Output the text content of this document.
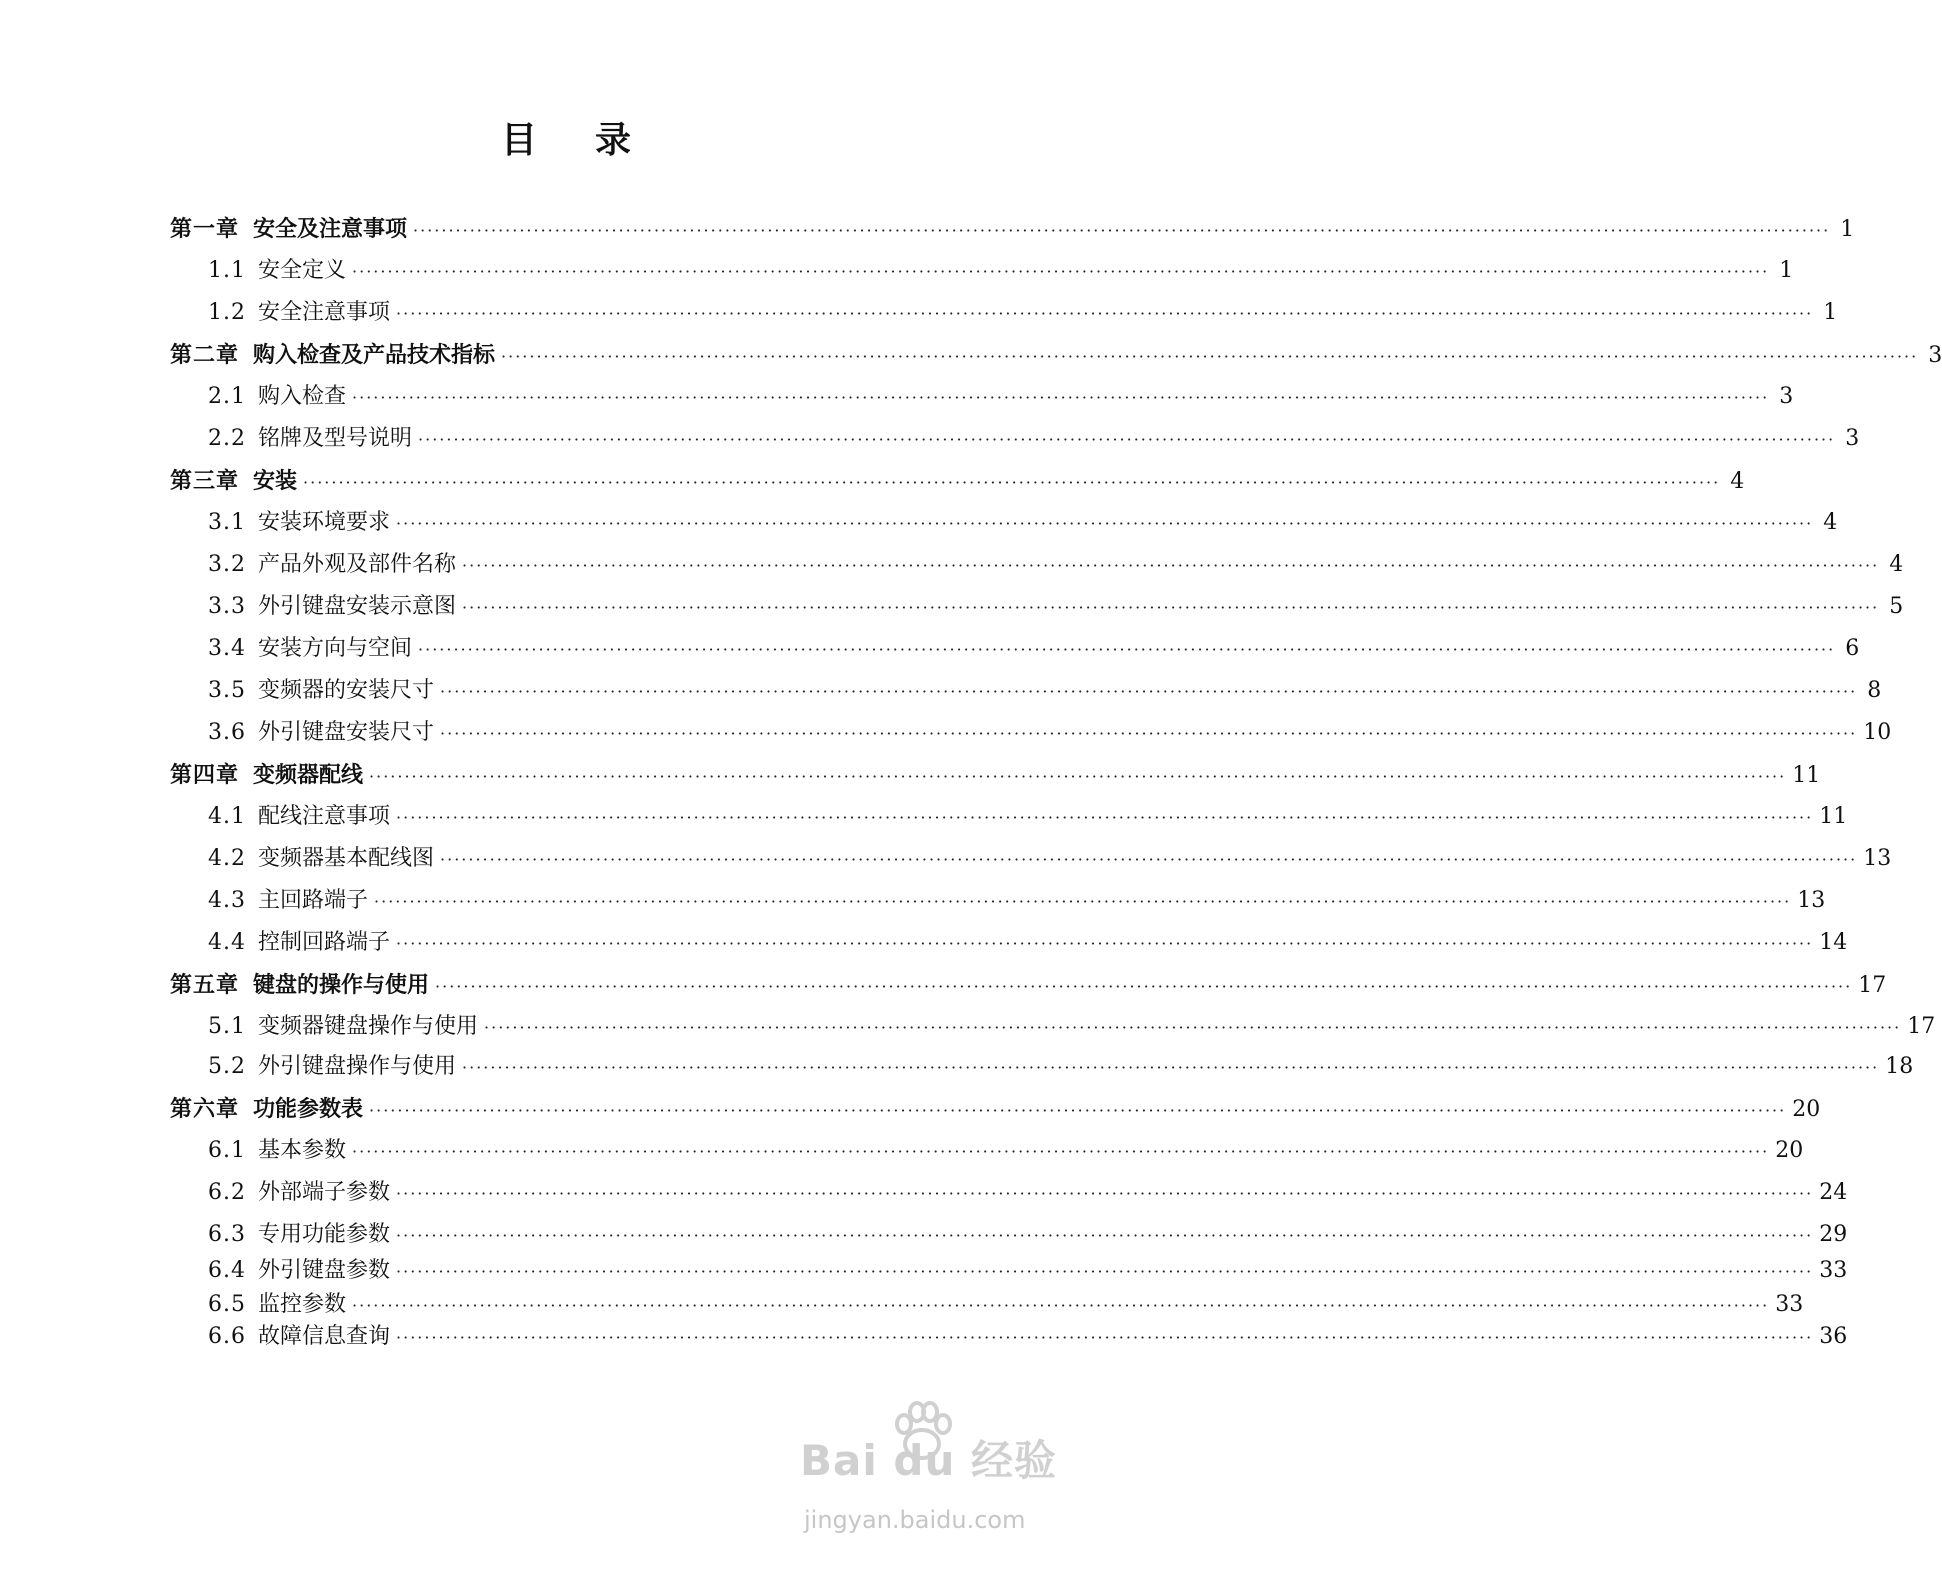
目 录
第一章 安全及注意事项 ········································································································································································································ 1
1.1 安全定义 ········································································································································································································ 1
1.2 安全注意事项 ········································································································································································································ 1
第二章 购入检查及产品技术指标 ········································································································································································································ 3
2.1 购入检查 ········································································································································································································ 3
2.2 铭牌及型号说明 ········································································································································································································ 3
第三章 安装 ········································································································································································································ 4
3.1 安装环境要求 ········································································································································································································ 4
3.2 产品外观及部件名称 ········································································································································································································ 4
3.3 外引键盘安装示意图 ········································································································································································································ 5
3.4 安装方向与空间 ········································································································································································································ 6
3.5 变频器的安装尺寸 ········································································································································································································ 8
3.6 外引键盘安装尺寸 ········································································································································································································ 10
第四章 变频器配线 ········································································································································································································ 11
4.1 配线注意事项 ········································································································································································································ 11
4.2 变频器基本配线图 ········································································································································································································ 13
4.3 主回路端子 ········································································································································································································ 13
4.4 控制回路端子 ········································································································································································································ 14
第五章 键盘的操作与使用 ········································································································································································································ 17
5.1 变频器键盘操作与使用 ········································································································································································································ 17
5.2 外引键盘操作与使用 ········································································································································································································ 18
第六章 功能参数表 ········································································································································································································ 20
6.1 基本参数 ········································································································································································································ 20
6.2 外部端子参数 ········································································································································································································ 24
6.3 专用功能参数 ········································································································································································································ 29
6.4 外引键盘参数 ········································································································································································································ 33
6.5 监控参数 ········································································································································································································ 33
6.6 故障信息查询 ········································································································································································································ 36
Bai du 经验
jingyan.baidu.com
